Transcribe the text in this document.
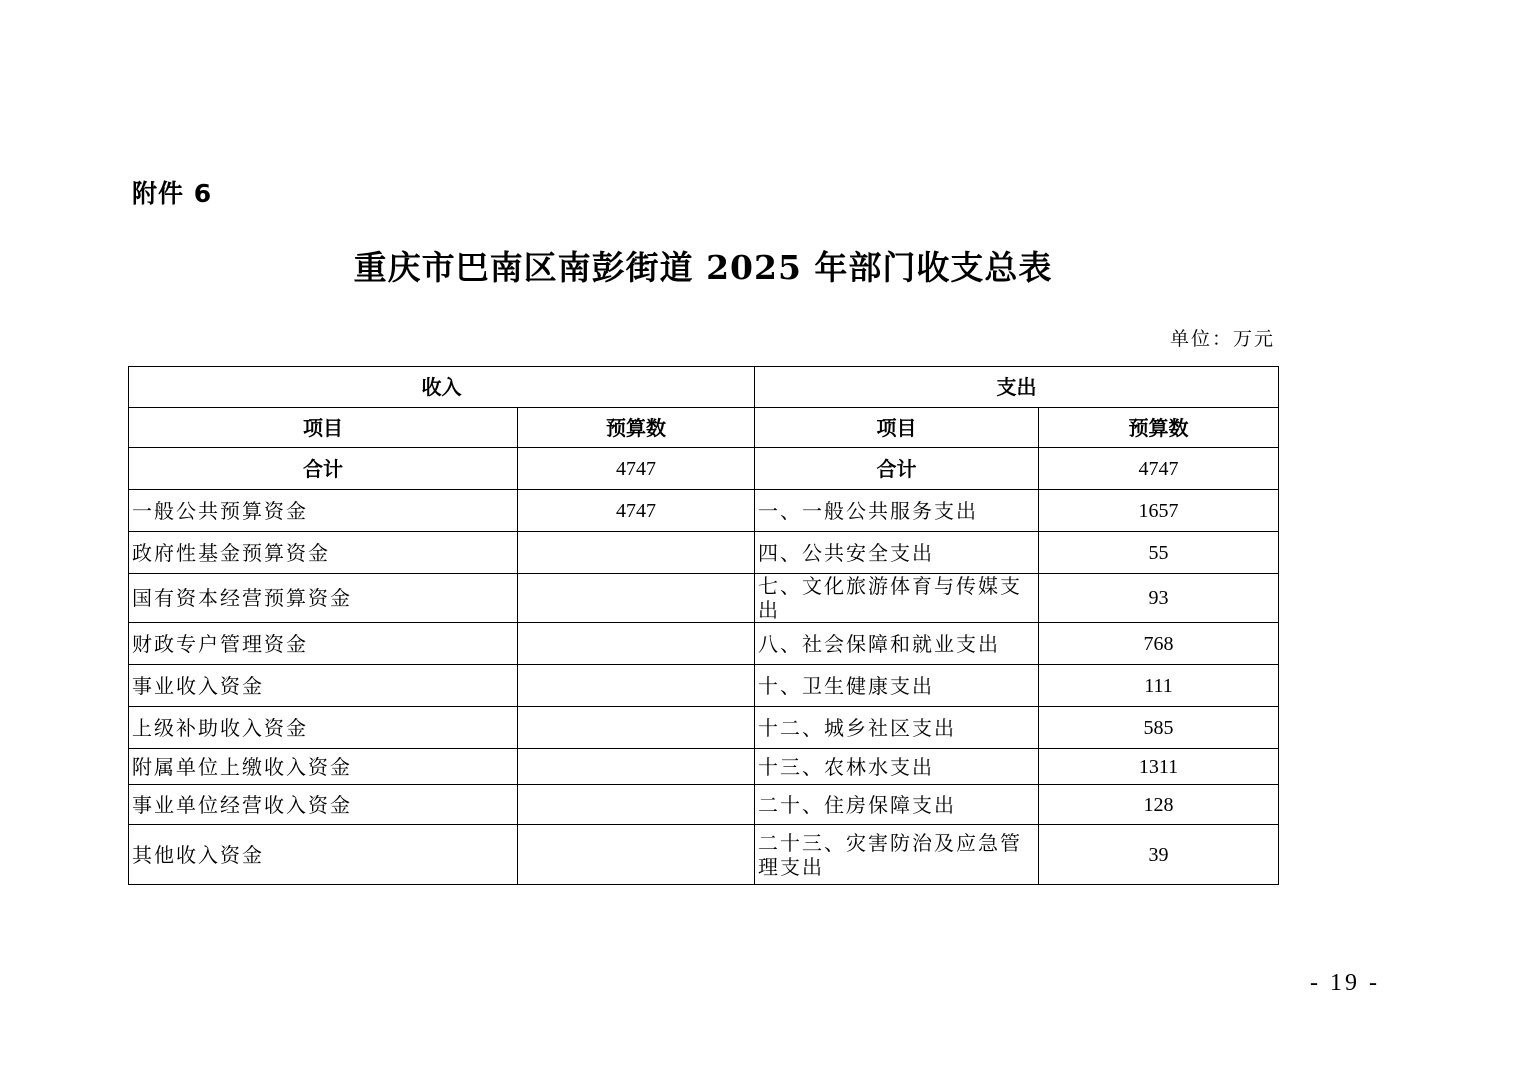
附件 6
重庆市巴南区南彭街道 2025 年部门收支总表
单位：万元
收入		支出	
项目	预算数	项目	预算数
合计	4747	合计	4747
一般公共预算资金	4747	一、一般公共服务支出	1657
政府性基金预算资金		四、公共安全支出	55
国有资本经营预算资金		七、文化旅游体育与传媒支出	93
财政专户管理资金		八、社会保障和就业支出	768
事业收入资金		十、卫生健康支出	111
上级补助收入资金		十二、城乡社区支出	585
附属单位上缴收入资金		十三、农林水支出	1311
事业单位经营收入资金		二十、住房保障支出	128
其他收入资金		二十三、灾害防治及应急管理支出	39
- 19 -
